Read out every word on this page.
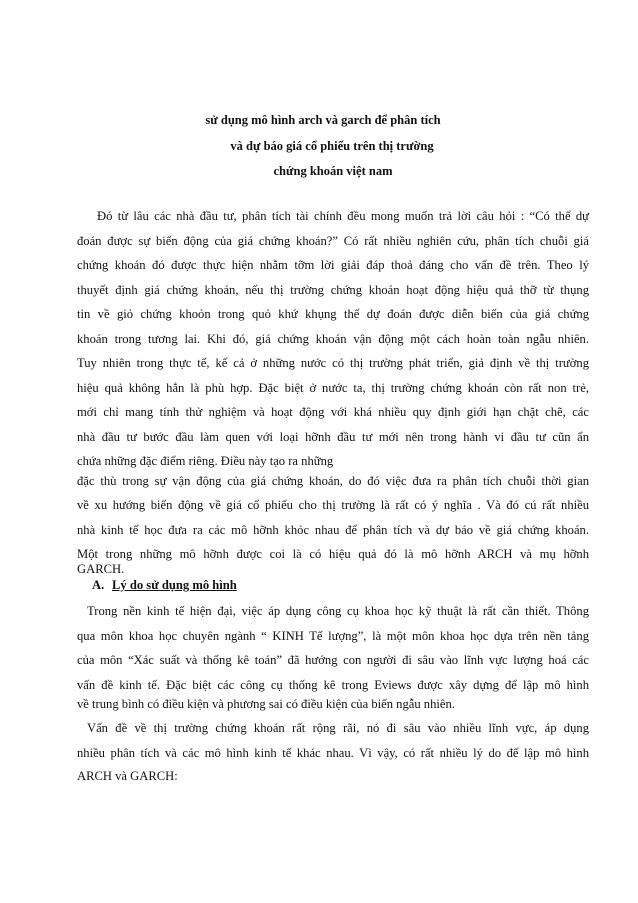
sử dụng mô hình arch và garch để phân tích
và dự báo giá cổ phiếu trên thị trường
chứng khoán việt nam
Đó từ lâu các nhà đầu tư, phân tích tài chính đều mong muốn trả lời câu hỏi : “Có thể dự
đoán được sự biến động của giá chứng khoán?” Có rất nhiều nghiên cứu, phân tích chuỗi giá
chứng khoán đó được thực hiện nhằm tỡm lời giải đáp thoả đáng cho vấn đề trên. Theo lý
thuyết định giá chứng khoán, nếu thị trường chứng khoán hoạt động hiệu quả thỡ từ thụng
tin về giỏ chứng khoỏn trong quỏ khứ khụng thể dự đoán được diễn biến của giá chứng
khoán trong tương lai. Khi đó, giá chứng khoán vận động một cách hoàn toàn ngẫu nhiên.
Tuy nhiên trong thực tế, kể cả ở những nước có thị trường phát triển, giả định về thị trường
hiệu quả không hẳn là phù hợp. Đặc biệt ở nước ta, thị trường chứng khoán còn rất non trẻ,
mới chỉ mang tính thử nghiệm và hoạt động với khá nhiều quy định giới hạn chặt chẽ, các
nhà đầu tư bước đầu làm quen với loại hỡnh đầu tư mới nên trong hành vi đầu tư cũn ẩn
chứa những đặc điểm riêng. Điều này tạo ra những
đặc thù trong sự vận động của giá chứng khoán, do đó việc đưa ra phân tích chuỗi thời gian
về xu hướng biến động về giá cổ phiếu cho thị trường là rất có ý nghĩa . Và đó cú rất nhiều
nhà kinh tế học đưa ra các mô hỡnh khỏc nhau để phân tích và dự báo về giá chứng khoán.
Một trong những mô hỡnh được coi là có hiệu quả đó là mô hỡnh ARCH và mụ hỡnh
GARCH.
A. Lý do sử dụng mô hình
Trong nền kinh tế hiện đại, việc áp dụng công cụ khoa học kỹ thuật là rất cần thiết. Thông
qua môn khoa học chuyên ngành “ KINH Tế lượng”, là một môn khoa học dựa trên nền tảng
của môn “Xác suất và thống kê toán” đã hướng con người đi sâu vào lĩnh vực lượng hoá các
vấn đề kinh tế. Đặc biệt các công cụ thống kê trong Eviews được xây dựng để lập mô hình
về trung bình có điều kiện và phương sai có điều kiện của biến ngẫu nhiên.
Vấn đề về thị trường chứng khoán rất rộng rãi, nó đi sâu vào nhiều lĩnh vực, áp dụng
nhiều phân tích và các mô hình kinh tế khác nhau. Vì vậy, có rất nhiều lý do để lập mô hình
ARCH và GARCH:
